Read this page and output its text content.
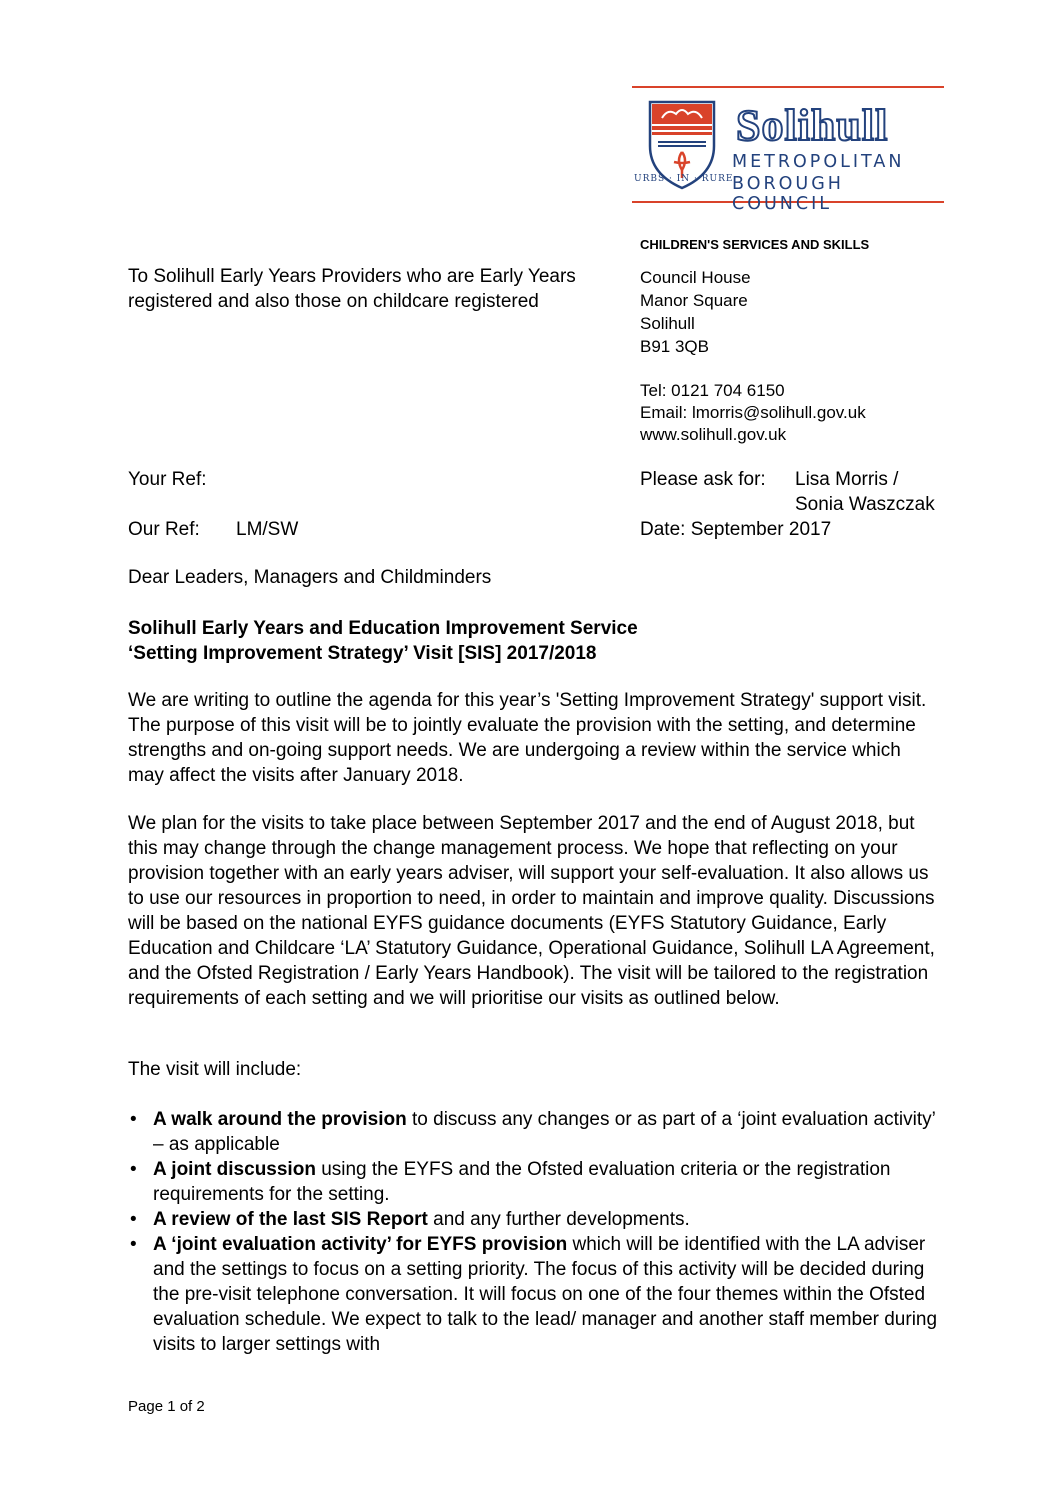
URBS · IN · RURE
Solihull
METROPOLITAN
BOROUGH COUNCIL
CHILDREN'S SERVICES AND SKILLS
To Solihull Early Years Providers who are Early Years registered and also those on childcare registered
Council House
Manor Square
Solihull
B91 3QB
Tel: 0121 704 6150
Email: lmorris@solihull.gov.uk
www.solihull.gov.uk
Your Ref:
Our Ref: LM/SW
Please ask for: Lisa Morris /
Sonia Waszczak
Date: September 2017
Dear Leaders, Managers and Childminders
Solihull Early Years and Education Improvement Service
‘Setting Improvement Strategy’ Visit [SIS] 2017/2018
We are writing to outline the agenda for this year’s 'Setting Improvement Strategy' support visit. The purpose of this visit will be to jointly evaluate the provision with the setting, and determine strengths and on-going support needs. We are undergoing a review within the service which may affect the visits after January 2018.
We plan for the visits to take place between September 2017 and the end of August 2018, but this may change through the change management process. We hope that reflecting on your provision together with an early years adviser, will support your self-evaluation. It also allows us to use our resources in proportion to need, in order to maintain and improve quality. Discussions will be based on the national EYFS guidance documents (EYFS Statutory Guidance, Early Education and Childcare ‘LA’ Statutory Guidance, Operational Guidance, Solihull LA Agreement, and the Ofsted Registration / Early Years Handbook). The visit will be tailored to the registration requirements of each setting and we will prioritise our visits as outlined below.
The visit will include:
• A walk around the provision to discuss any changes or as part of a ‘joint evaluation activity’ – as applicable
• A joint discussion using the EYFS and the Ofsted evaluation criteria or the registration requirements for the setting.
• A review of the last SIS Report and any further developments.
• A ‘joint evaluation activity’ for EYFS provision which will be identified with the LA adviser and the settings to focus on a setting priority. The focus of this activity will be decided during the pre-visit telephone conversation. It will focus on one of the four themes within the Ofsted evaluation schedule. We expect to talk to the lead/ manager and another staff member during visits to larger settings with
Page 1 of 2
